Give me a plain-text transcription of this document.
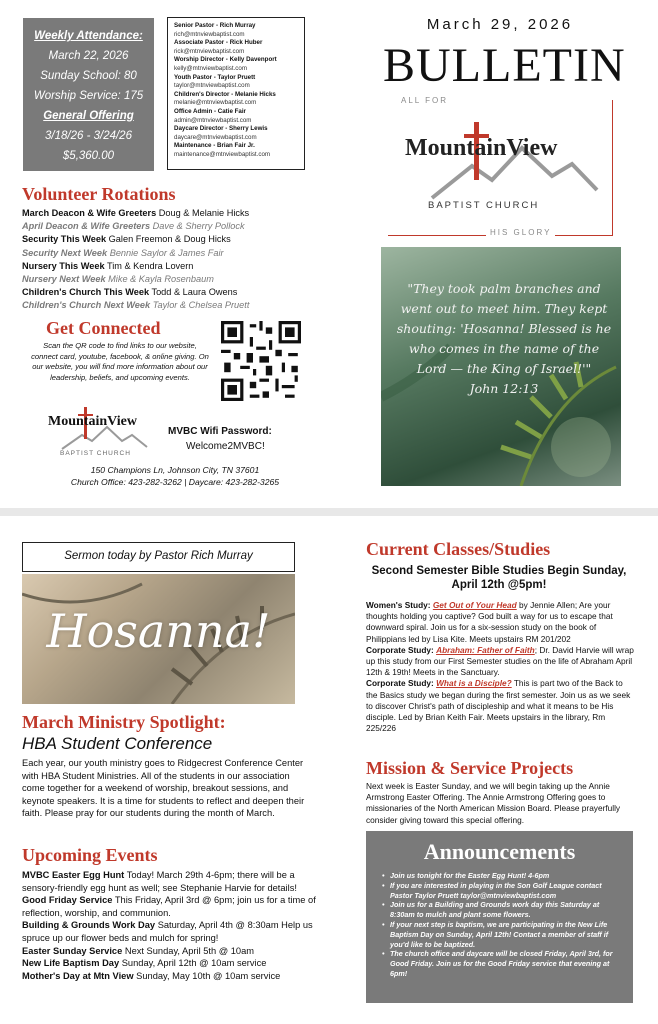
Weekly Attendance:
March 22, 2026
Sunday School: 80
Worship Service: 175
General Offering
3/18/26 - 3/24/26
$5,360.00
Senior Pastor - Rich Murray
rich@mtnviewbaptist.com
Associate Pastor - Rick Huber
rick@mtnviewbaptist.com
Worship Director - Kelly Davenport
kelly@mtnviewbaptist.com
Youth Pastor - Taylor Pruett
taylor@mtnviewbaptist.com
Children's Director - Melanie Hicks
melanie@mtnviewbaptist.com
Office Admin - Catie Fair
admin@mtnviewbaptist.com
Daycare Director - Sherry Lewis
daycare@mtnviewbaptist.com
Maintenance - Brian Fair Jr.
maintenance@mtnviewbaptist.com
March 29, 2026
BULLETIN
ALL FOR
MountainView
BAPTIST CHURCH
HIS GLORY
"They took palm branches and went out to meet him. They kept shouting: 'Hosanna! Blessed is he who comes in the name of the Lord — the King of Israel!'"
John 12:13
Volunteer Rotations
March Deacon & Wife Greeters Doug & Melanie Hicks
April Deacon & Wife Greeters Dave & Sherry Pollock
Security This Week Galen Freemon & Doug Hicks
Security Next Week Bennie Saylor & James Fair
Nursery This Week Tim & Kendra Lovern
Nursery Next Week Mike & Kayla Rosenbaum
Children's Church This Week Todd & Laura Owens
Children's Church Next Week Taylor & Chelsea Pruett
Get Connected
Scan the QR code to find links to our website, connect card, youtube, facebook, & online giving. On our website, you will find more information about our leadership, beliefs, and upcoming events.
MountainView
BAPTIST CHURCH
MVBC Wifi Password:
Welcome2MVBC!
150 Champions Ln, Johnson City, TN 37601
Church Office: 423-282-3262 | Daycare: 423-282-3265
Sermon today by Pastor Rich Murray
Hosanna!
March Ministry Spotlight:
HBA Student Conference
Each year, our youth ministry goes to Ridgecrest Conference Center with HBA Student Ministries. All of the students in our association come together for a weekend of worship, breakout sessions, and keynote speakers. It is a time for students to reflect and deepen their faith. Please pray for our students during the month of March.
Upcoming Events
MVBC Easter Egg Hunt Today! March 29th 4-6pm; there will be a sensory-friendly egg hunt as well; see Stephanie Harvie for details!
Good Friday Service This Friday, April 3rd @ 6pm; join us for a time of reflection, worship, and communion.
Building & Grounds Work Day Saturday, April 4th @ 8:30am Help us spruce up our flower beds and mulch for spring!
Easter Sunday Service Next Sunday, April 5th @ 10am
New Life Baptism Day Sunday, April 12th @ 10am service
Mother's Day at Mtn View Sunday, May 10th @ 10am service
Current Classes/Studies
Second Semester Bible Studies Begin Sunday, April 12th @5pm!
Women's Study: Get Out of Your Head by Jennie Allen; Are your thoughts holding you captive? God built a way for us to escape that downward spiral. Join us for a six-session study on the book of Philippians led by Lisa Kite. Meets upstairs RM 201/202
Corporate Study: Abraham: Father of Faith; Dr. David Harvie will wrap up this study from our First Semester studies on the life of Abraham April 12th & 19th! Meets in the Sanctuary.
Corporate Study: What is a Disciple? This is part two of the Back to the Basics study we began during the first semester. Join us as we seek to discover Christ's path of discipleship and what it means to be His disciple. Led by Brian Keith Fair. Meets upstairs in the library, Rm 225/226
Mission & Service Projects
Next week is Easter Sunday, and we will begin taking up the Annie Armstrong Easter Offering. The Annie Armstrong Offering goes to missionaries of the North American Mission Board. Please prayerfully consider giving toward this special offering.
Announcements
• Join us tonight for the Easter Egg Hunt! 4-6pm
• If you are interested in playing in the Son Golf League contact Pastor Taylor Pruett taylor@mtnviewbaptist.com
• Join us for a Building and Grounds work day this Saturday at 8:30am to mulch and plant some flowers.
• If your next step is baptism, we are participating in the New Life Baptism Day on Sunday, April 12th! Contact a member of staff if you'd like to be baptized.
• The church office and daycare will be closed Friday, April 3rd, for Good Friday. Join us for the Good Friday service that evening at 6pm!
